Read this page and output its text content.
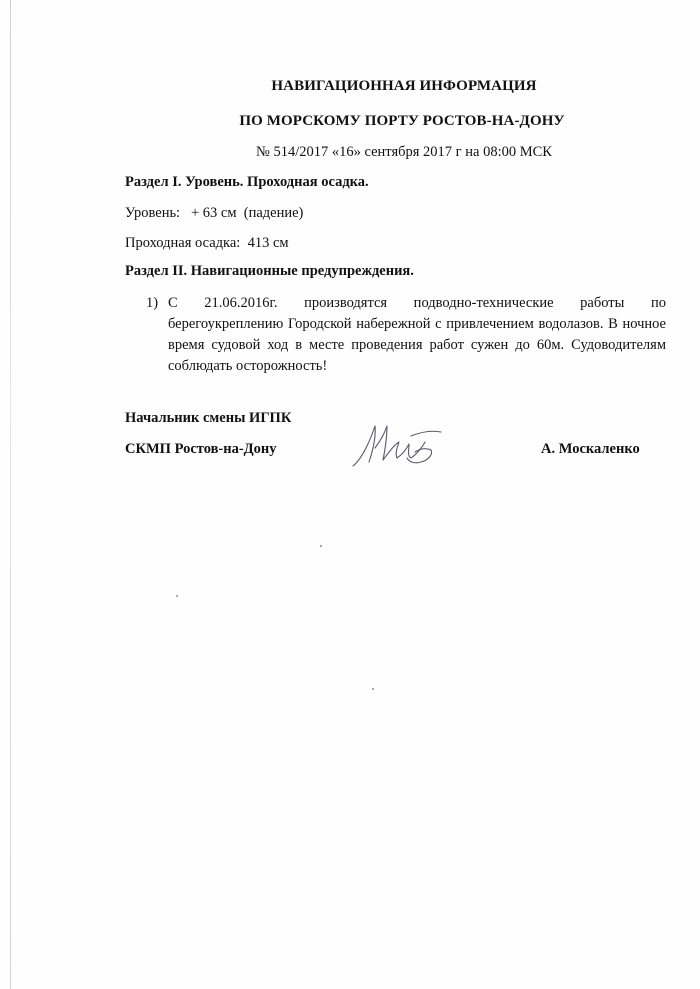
НАВИГАЦИОННАЯ ИНФОРМАЦИЯ
ПО МОРСКОМУ ПОРТУ РОСТОВ-НА-ДОНУ
№ 514/2017 «16» сентября 2017 г на 08:00 МСК
Раздел I. Уровень. Проходная осадка.
Уровень:   + 63 см  (падение)
Проходная осадка:  413 см
Раздел II. Навигационные предупреждения.
1) С 21.06.2016г. производятся подводно-технические работы по берегоукреплению Городской набережной с привлечением водолазов. В ночное время судовой ход в месте проведения работ сужен до 60м. Судоводителям соблюдать осторожность!
Начальник смены ИГПК
СКМП Ростов-на-Дону	А. Москаленко
